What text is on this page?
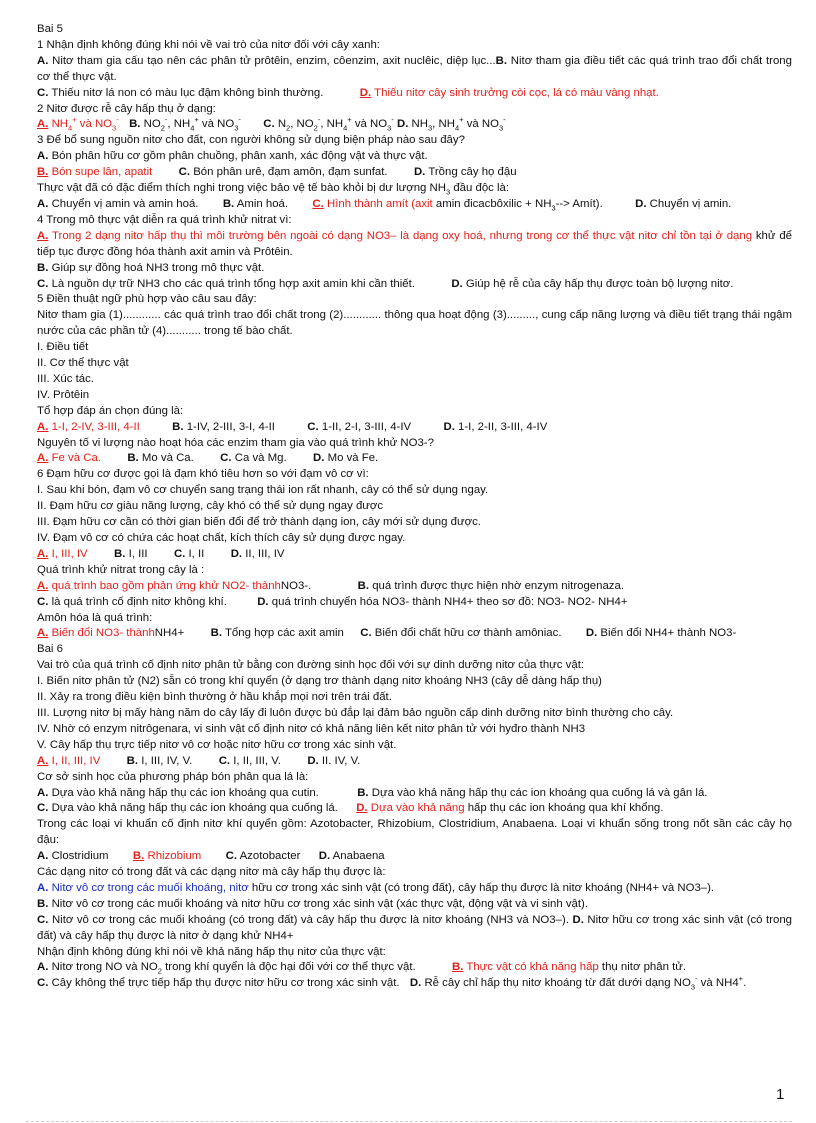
Bai 5
1 Nhận định không đúng khi nói về vai trò của nitơ đối với cây xanh:
A. Nitơ tham gia cấu tạo nên các phân tử prôtêin, enzim, côenzim, axit nuclêic, diệp lục...B. Nitơ tham gia điều tiết các quá trình trao đổi chất trong cơ thể thực vật.
C. Thiếu nitơ lá non có màu lục đậm không bình thường.	D. Thiếu nitơ cây sinh trưởng còi cọc, lá có màu vàng nhạt.
2 Nitơ được rễ cây hấp thụ ở dạng:
A. $NH_4^+$ và $NO_3^-$ B. $NO_2^-$, $NH_4^+$ và $NO_3^-$ C. $N_2$, $NO_2^-$, $NH_4^+$ và $NO_3^-$ D. $NH_3$, $NH_4^+$ và $NO_3^-$
3 Để bổ sung nguồn nitơ cho đất, con người không sử dụng biện pháp nào sau đây?
A. Bón phân hữu cơ gồm phân chuồng, phân xanh, xác động vật và thực vật.
B. Bón supe lân, apatit C. Bón phân urê, đạm amôn, đạm sunfat. D. Trồng cây họ đậu
Thực vật đã có đặc điểm thích nghi trong việc bảo vệ tế bào khỏi bị dư lượng $NH_3$ đầu độc là:
A. Chuyển vị amin và amin hoá. B. Amin hoá. C. Hình thành amít (axit amin đicacbôxilic + $NH_3-->$ Amít).	D. Chuyển vị amin.
4 Trong mô thực vật diễn ra quá trình khử nitrat vì:
A. Trong 2 dạng nitơ hấp thụ thì môi trường bên ngoài có dạng NO3– là dạng oxy hoá, nhưng trong cơ thể thực vật nitơ chỉ tồn tại ở dạng khử để tiếp tục được đồng hóa thành axit amin và Prôtêin.
B. Giúp sự đồng hoá NH3 trong mô thực vật.
C. Là nguồn dự trữ NH3 cho các quá trình tổng hợp axit amin khi cần thiết.	D. Giúp hệ rễ của cây hấp thụ được toàn bộ lượng nitơ.
5 Điền thuật ngữ phù hợp vào câu sau đây:
Nitơ tham gia (1)............ các quá trình trao đổi chất trong (2)............ thông qua hoạt động (3)........., cung cấp năng lượng và điều tiết trạng thái ngậm nước của các phần tử (4)........... trong tế bào chất.
I. Điều tiết
II. Cơ thể thực vật
III. Xúc tác.
IV. Prôtêin
Tổ hợp đáp án chọn đúng là:
A. 1-I, 2-IV, 3-III, 4-II	B. 1-IV, 2-III, 3-I, 4-II	C. 1-II, 2-I, 3-III, 4-IV	D. 1-I, 2-II, 3-III, 4-IV
Nguyên tố vi lượng nào hoạt hóa các enzim tham gia vào quá trình khử NO3-?
A. Fe và Ca. B. Mo và Ca. C. Ca và Mg. D. Mo và Fe.
6 Đạm hữu cơ được gọi là đạm khó tiêu hơn so với đạm vô cơ vì:
I. Sau khi bón, đạm vô cơ chuyển sang trạng thái ion rất nhanh, cây có thể sử dụng ngay.
II. Đạm hữu cơ giàu năng lượng, cây khó có thể sử dụng ngay được
III. Đạm hữu cơ cần có thời gian biến đổi để trở thành dạng ion, cây mới sử dụng được.
IV. Đạm vô cơ có chứa các hoạt chất, kích thích cây sử dụng được ngay.
A. I, III, IV B. I, III C. I, II D. II, III, IV
Quá trình khử nitrat trong cây là :
A. quá trình bao gồm phản ứng khử NO2- thànhNO3-.	B. quá trình được thực hiện nhờ enzym nitrogenaza.
C. là quá trình cố định nitơ không khí.	D. quá trình chuyển hóa NO3- thành NH4+ theo sơ đồ: NO3- NO2- NH4+
Amôn hóa là quá trình:
A. Biến đổi NO3- thànhNH4+ B. Tổng hợp các axit amin C. Biến đổi chất hữu cơ thành amôniac. D. Biến đổi NH4+ thành NO3-
Bai 6
Vai trò của quá trình cố định nitơ phân tử bằng con đường sinh học đối với sự dinh dưỡng nitơ của thực vật:
I. Biến nitơ phân tử (N2) sẵn có trong khí quyển (ở dạng trơ thành dạng nitơ khoáng NH3 (cây dễ dàng hấp thụ)
II. Xảy ra trong điều kiện bình thường ở hầu khắp mọi nơi trên trái đất.
III. Lượng nitơ bị mấy hàng năm do cây lấy đi luôn được bù đắp lại đảm bảo nguồn cấp dinh dưỡng nitơ bình thường cho cây.
IV. Nhờ có enzym nitrôgenara, vi sinh vật cố định nitơ có khả năng liên kết nitơ phân tử với hyđro thành NH3
V. Cây hấp thụ trực tiếp nitơ vô cơ hoặc nitơ hữu cơ trong xác sinh vật.
A. I, II, III, IV B. I, III, IV, V. C. I, II, III, V. D. II. IV, V.
Cơ sở sinh học của phương pháp bón phân qua lá là:
A. Dựa vào khả năng hấp thụ các ion khoáng qua cutin.	B. Dựa vào khả năng hấp thụ các ion khoáng qua cuống lá và gân lá.
C. Dựa vào khả năng hấp thụ các ion khoáng qua cuống lá. D. Dựa vào khả năng hấp thụ các ion khoáng qua khí khổng.
Trong các loại vi khuẩn cố định nitơ khí quyển gồm: Azotobacter, Rhizobium, Clostridium, Anabaena. Loại vi khuẩn sống trong nốt sần các cây họ đậu:
A. Clostridium B. Rhizobium C. Azotobacter D. Anabaena
Các dạng nitơ có trong đất và các dạng nitơ mà cây hấp thụ được là:
A. Nitơ vô cơ trong các muối khoáng, nitơ hữu cơ trong xác sinh vật (có trong đất), cây hấp thụ được là nitơ khoáng (NH4+ và NO3–).
B. Nitơ vô cơ trong các muối khoáng và nitơ hữu cơ trong xác sinh vật (xác thực vật, động vật và vi sinh vật).
C. Nitơ vô cơ trong các muối khoáng (có trong đất) và cây hấp thu được là nitơ khoáng (NH3 và NO3–). D. Nitơ hữu cơ trong xác sinh vật (có trong đất) và cây hấp thụ được là nitơ ở dạng khử NH4+
Nhận định không đúng khi nói về khả năng hấp thụ nitơ của thực vật:
A. Nitơ trong NO và $NO_2$ trong khí quyển là độc hại đối với cơ thể thực vật.	B. Thực vật có khả năng hấp thụ nitơ phân tử.
C. Cây không thể trực tiếp hấp thụ được nitơ hữu cơ trong xác sinh vật. D. Rễ cây chỉ hấp thụ nitơ khoáng từ đất dưới dạng $NO_3^-$ và NH4+.
1
